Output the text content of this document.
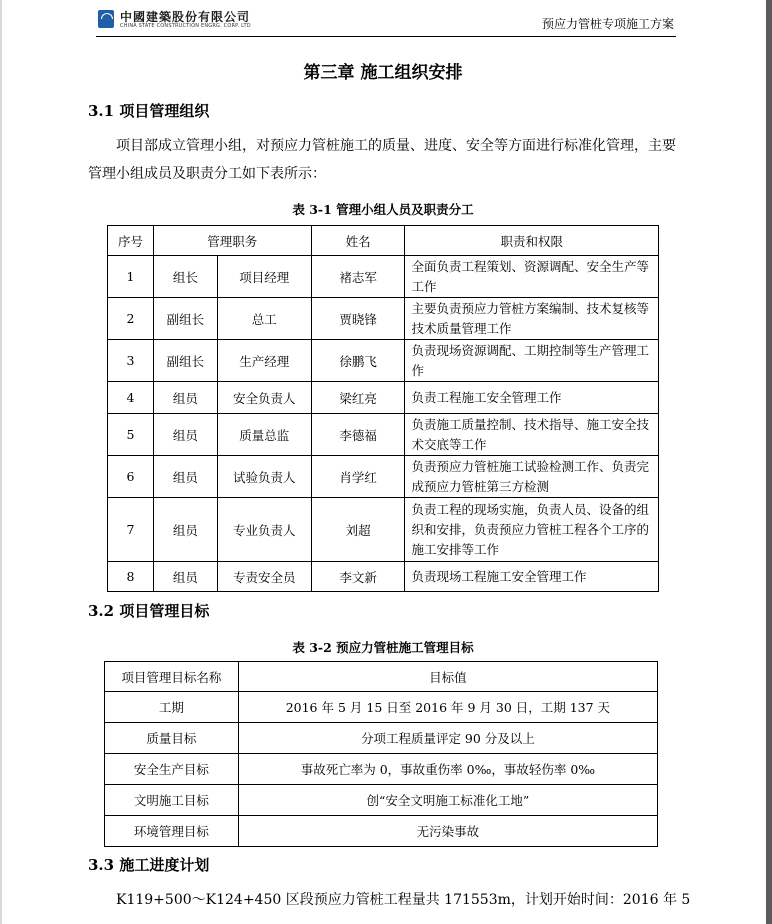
中國建築股份有限公司
CHINA STATE CONSTRUCTION ENGRG. CORP. LTD	预应力管桩专项施工方案
第三章 施工组织安排
3.1 项目管理组织
项目部成立管理小组，对预应力管桩施工的质量、进度、安全等方面进行标准化管理，主要管理小组成员及职责分工如下表所示：
表 3-1 管理小组人员及职责分工
序号	管理职务		姓名	职责和权限
1	组长	项目经理	褚志军	全面负责工程策划、资源调配、安全生产等工作
2	副组长	总工	贾晓锋	主要负责预应力管桩方案编制、技术复核等技术质量管理工作
3	副组长	生产经理	徐鹏飞	负责现场资源调配、工期控制等生产管理工作
4	组员	安全负责人	梁红亮	负责工程施工安全管理工作
5	组员	质量总监	李德福	负责施工质量控制、技术指导、施工安全技术交底等工作
6	组员	试验负责人	肖学红	负责预应力管桩施工试验检测工作、负责完成预应力管桩第三方检测
7	组员	专业负责人	刘超	负责工程的现场实施，负责人员、设备的组织和安排，负责预应力管桩工程各个工序的施工安排等工作
8	组员	专责安全员	李文新	负责现场工程施工安全管理工作
3.2 项目管理目标
表 3-2 预应力管桩施工管理目标
项目管理目标名称	目标值
工期	2016 年 5 月 15 日至 2016 年 9 月 30 日，工期 137 天
质量目标	分项工程质量评定 90 分及以上
安全生产目标	事故死亡率为 0，事故重伤率 0‰，事故轻伤率 0‰
文明施工目标	创“安全文明施工标准化工地”
环境管理目标	无污染事故
3.3 施工进度计划
K119+500～K124+450 区段预应力管桩工程量共 171553m，计划开始时间：2016 年 5
